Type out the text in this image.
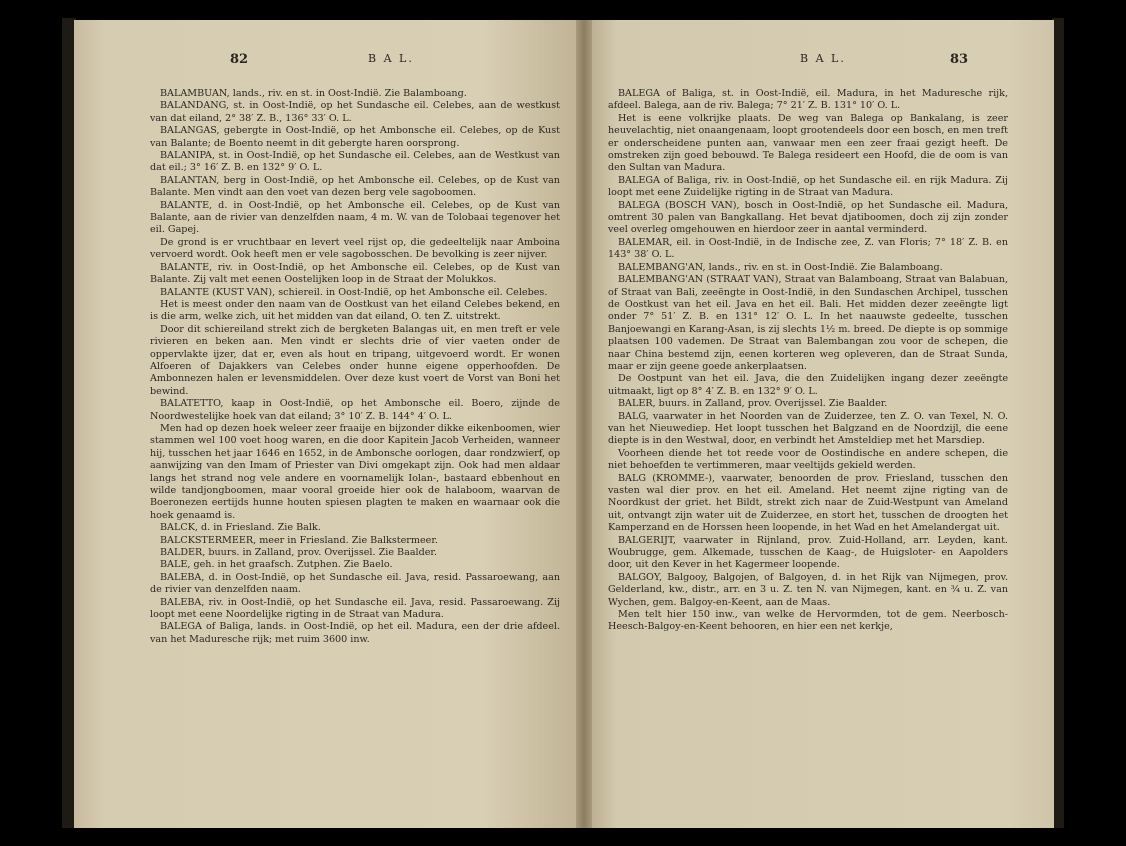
82	B A L.	B A L.	83

BALAMBUAN, lands., riv. en st. in Oost-Indië. Zie Balamboang.

BALANDANG, st. in Oost-Indië, op het Sundasche eil. Celebes, aan de westkust van dat eiland, 2° 38′ Z. B., 136° 33′ O. L.

BALANGAS, gebergte in Oost-Indië, op het Ambonsche eil. Celebes, op de Kust van Balante; de Boento neemt in dit gebergte haren oorsprong.

BALANIPA, st. in Oost-Indië, op het Sundasche eil. Celebes, aan de Westkust van dat eil.; 3° 16′ Z. B. en 132° 9′ O. L.

BALANTAN, berg in Oost-Indië, op het Ambonsche eil. Celebes, op de Kust van Balante. Men vindt aan den voet van dezen berg vele sagoboomen.

BALANTE, d. in Oost-Indië, op het Ambonsche eil. Celebes, op de Kust van Balante, aan de rivier van denzelfden naam, 4 m. W. van de Tolobaai tegenover het eil. Gapej.

De grond is er vruchtbaar en levert veel rijst op, die gedeeltelijk naar Amboina vervoerd wordt. Ook heeft men er vele sagobosschen. De bevolking is zeer nijver.

BALANTE, riv. in Oost-Indië, op het Ambonsche eil. Celebes, op de Kust van Balante. Zij valt met eenen Oostelijken loop in de Straat der Molukkos.

BALANTE (KUST VAN), schiereil. in Oost-Indië, op het Ambonsche eil. Celebes.

Het is meest onder den naam van de Oostkust van het eiland Celebes bekend, en is die arm, welke zich, uit het midden van dat eiland, O. ten Z. uitstrekt.

Door dit schiereiland strekt zich de bergketen Balangas uit, en men treft er vele rivieren en beken aan. Men vindt er slechts drie of vier vaeten onder de oppervlakte ijzer, dat er, even als hout en tripang, uitgevoerd wordt. Er wonen Alfoeren of Dajakkers van Celebes onder hunne eigene opperhoofden. De Ambonnezen halen er levensmiddelen. Over deze kust voert de Vorst van Boni het bewind.

BALATETTO, kaap in Oost-Indië, op het Ambonsche eil. Boero, zijnde de Noordwestelijke hoek van dat eiland; 3° 10′ Z. B. 144° 4′ O. L.

Men had op dezen hoek weleer zeer fraaije en bijzonder dikke eikenboomen, wier stammen wel 100 voet hoog waren, en die door Kapitein Jacob Verheiden, wanneer hij, tusschen het jaar 1646 en 1652, in de Ambonsche oorlogen, daar rondzwierf, op aanwijzing van den Imam of Priester van Divi omgekapt zijn. Ook had men aldaar langs het strand nog vele andere en voornamelijk Iolan-, bastaard ebbenhout en wilde tandjongboomen, maar vooral groeide hier ook de halaboom, waarvan de Boeronezen eertijds hunne houten spiesen plagten te maken en waarnaar ook die hoek genaamd is.

BALCK, d. in Friesland. Zie Balk.

BALCKSTERMEER, meer in Friesland. Zie Balkstermeer.

BALDER, buurs. in Zalland, prov. Overijssel. Zie Baalder.

BALE, geh. in het graafsch. Zutphen. Zie Baelo.

BALEBA, d. in Oost-Indië, op het Sundasche eil. Java, resid. Passaroewang, aan de rivier van denzelfden naam.

BALEBA, riv. in Oost-Indië, op het Sundasche eil. Java, resid. Passaroewang. Zij loopt met eene Noordelijke rigting in de Straat van Madura.

BALEGA of Baliga, lands. in Oost-Indië, op het eil. Madura, een der drie afdeel. van het Maduresche rijk; met ruim 3600 inw.

BALEGA of Baliga, st. in Oost-Indië, eil. Madura, in het Maduresche rijk, afdeel. Balega, aan de riv. Balega; 7° 21′ Z. B. 131° 10′ O. L.

Het is eene volkrijke plaats. De weg van Balega op Bankalang, is zeer heuvelachtig, niet onaangenaam, loopt grootendeels door een bosch, en men treft er onderscheidene punten aan, vanwaar men een zeer fraai gezigt heeft. De omstreken zijn goed bebouwd. Te Balega resideert een Hoofd, die de oom is van den Sultan van Madura.

BALEGA of Baliga, riv. in Oost-Indië, op het Sundasche eil. en rijk Madura. Zij loopt met eene Zuidelijke rigting in de Straat van Madura.

BALEGA (BOSCH VAN), bosch in Oost-Indië, op het Sundasche eil. Madura, omtrent 30 palen van Bangkallang. Het bevat djatiboomen, doch zij zijn zonder veel overleg omgehouwen en hierdoor zeer in aantal verminderd.

BALEMAR, eil. in Oost-Indië, in de Indische zee, Z. van Floris; 7° 18′ Z. B. en 143° 38′ O. L.

BALEMBANG'AN, lands., riv. en st. in Oost-Indië. Zie Balamboang.

BALEMBANG'AN (STRAAT VAN), Straat van Balamboang, Straat van Balabuan, of Straat van Bali, zeeëngte in Oost-Indië, in den Sundaschen Archipel, tusschen de Oostkust van het eil. Java en het eil. Bali. Het midden dezer zeeëngte ligt onder 7° 51′ Z. B. en 131° 12′ O. L. In het naauwste gedeelte, tusschen Banjoewangi en Karang-Asan, is zij slechts 1½ m. breed. De diepte is op sommige plaatsen 100 vademen. De Straat van Balembangan zou voor de schepen, die naar China bestemd zijn, eenen korteren weg opleveren, dan de Straat Sunda, maar er zijn geene goede ankerplaatsen.

De Oostpunt van het eil. Java, die den Zuidelijken ingang dezer zeeëngte uitmaakt, ligt op 8° 4′ Z. B. en 132° 9′ O. L.

BALER, buurs. in Zalland, prov. Overijssel. Zie Baalder.

BALG, vaarwater in het Noorden van de Zuiderzee, ten Z. O. van Texel, N. O. van het Nieuwediep. Het loopt tusschen het Balgzand en de Noordzijl, die eene diepte is in den Westwal, door, en verbindt het Amsteldiep met het Marsdiep.

Voorheen diende het tot reede voor de Oostindische en andere schepen, die niet behoefden te vertimmeren, maar veeltijds gekield werden.

BALG (KROMME-), vaarwater, benoorden de prov. Friesland, tusschen den vasten wal dier prov. en het eil. Ameland. Het neemt zijne rigting van de Noordkust der griet. het Bildt, strekt zich naar de Zuid-Westpunt van Ameland uit, ontvangt zijn water uit de Zuiderzee, en stort het, tusschen de droogten het Kamperzand en de Horssen heen loopende, in het Wad en het Amelandergat uit.

BALGERIJT, vaarwater in Rijnland, prov. Zuid-Holland, arr. Leyden, kant. Woubrugge, gem. Alkemade, tusschen de Kaag-, de Huigsloter- en Aapolders door, uit den Kever in het Kagermeer loopende.

BALGOY, Balgooy, Balgojen, of Balgoyen, d. in het Rijk van Nijmegen, prov. Gelderland, kw., distr., arr. en 3 u. Z. ten N. van Nijmegen, kant. en ¾ u. Z. van Wychen, gem. Balgoy-en-Keent, aan de Maas.

Men telt hier 150 inw., van welke de Hervormden, tot de gem. Neerbosch-Heesch-Balgoy-en-Keent behooren, en hier een net kerkje,
